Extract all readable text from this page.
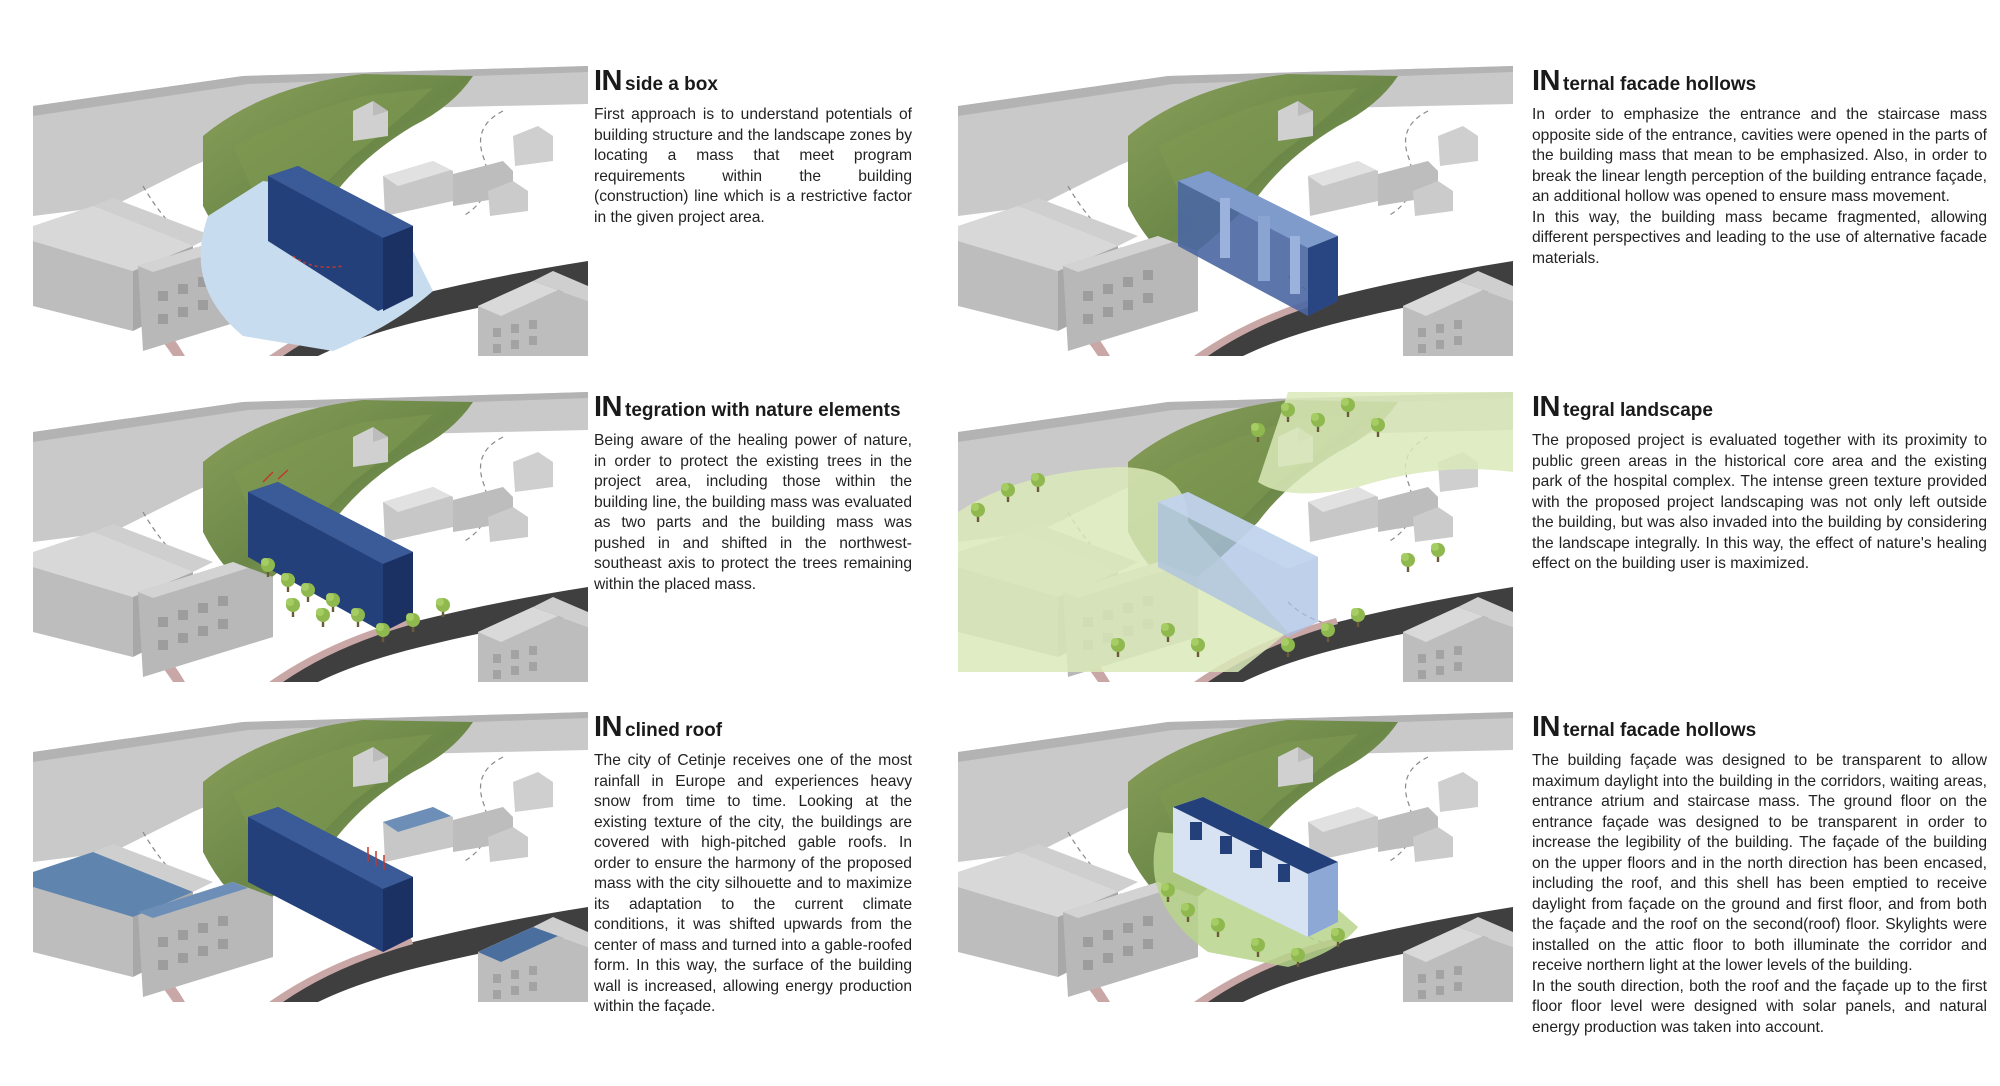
IN side a box

First approach is to understand potentials of building structure and the landscape zones by locating a mass that meet program requirements within the building (construction) line which is a restrictive factor in the given project area.

IN ternal facade hollows

In order to emphasize the entrance and the staircase mass opposite side of the entrance, cavities were opened in the parts of the building mass that mean to be emphasized. Also, in order to break the linear length perception of the building entrance façade, an additional hollow was opened to ensure mass movement.

In this way, the building mass became fragmented, allowing different perspectives and leading to the use of alternative facade materials.

IN tegration with nature elements

Being aware of the healing power of nature, in order to protect the existing trees in the project area, including those within the building line, the building mass was evaluated as two parts and the building mass was pushed in and shifted in the northwest-southeast axis to protect the trees remaining within the placed mass.

IN tegral landscape

The proposed project is evaluated together with its proximity to public green areas in the historical core area and the existing park of the hospital complex. The intense green texture provided with the proposed project landscaping was not only left outside the building, but was also invaded into the building by considering the landscape integrally. In this way, the effect of nature's healing effect on the building user is maximized.

IN clined roof

The city of Cetinje receives one of the most rainfall in Europe and experiences heavy snow from time to time. Looking at the existing texture of the city, the buildings are covered with high-pitched gable roofs. In order to ensure the harmony of the proposed mass with the city silhouette and to maximize its adaptation to the current climate conditions, it was shifted upwards from the center of mass and turned into a gable-roofed form. In this way, the surface of the building wall is increased, allowing energy production within the façade.

IN ternal facade hollows

The building façade was designed to be transparent to allow maximum daylight into the building in the corridors, waiting areas, entrance atrium and staircase mass. The ground floor on the entrance façade was designed to be transparent in order to increase the legibility of the building. The façade of the building on the upper floors and in the north direction has been encased, including the roof, and this shell has been emptied to receive daylight from façade on the ground and first floor, and from both the façade and the roof on the second(roof) floor. Skylights were installed on the attic floor to both illuminate the corridor and receive northern light at the lower levels of the building.

In the south direction, both the roof and the façade up to the first floor floor level were designed with solar panels, and natural energy production was taken into account.
